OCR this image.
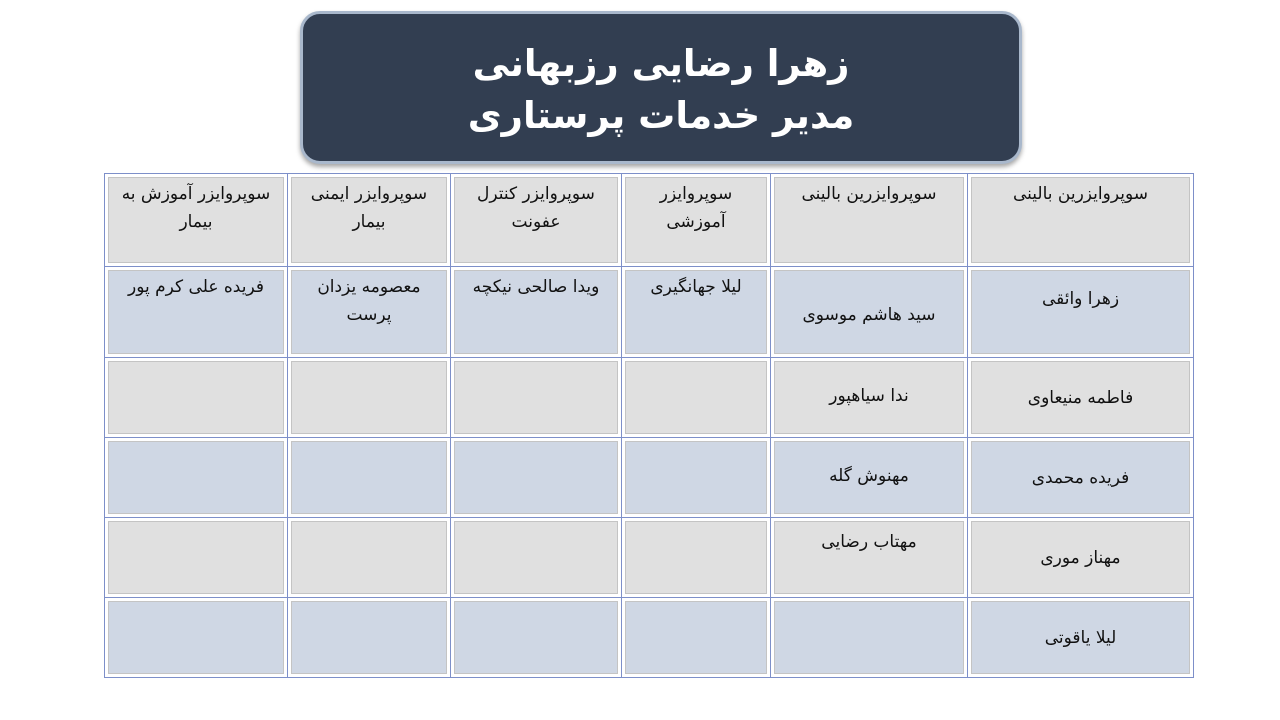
زهرا رضایی رزبهانی
مدیر خدمات پرستاری
سوپروایزرین بالینی	سوپروایزرین بالینی	سوپروایزر آموزشی	سوپروایزر کنترل عفونت	سوپروایزر ایمنی بیمار	سوپروایزر آموزش به بیمار

زهرا وائقی	سید هاشم موسوی	لیلا جهانگیری	ویدا صالحی نیکچه	معصومه یزدان پرست	فریده علی کرم پور

فاطمه منیعاوی	ندا سیاهپور				

فریده محمدی	مهنوش گله				

مهناز موری	مهتاب رضایی				

لیلا یاقوتی					
